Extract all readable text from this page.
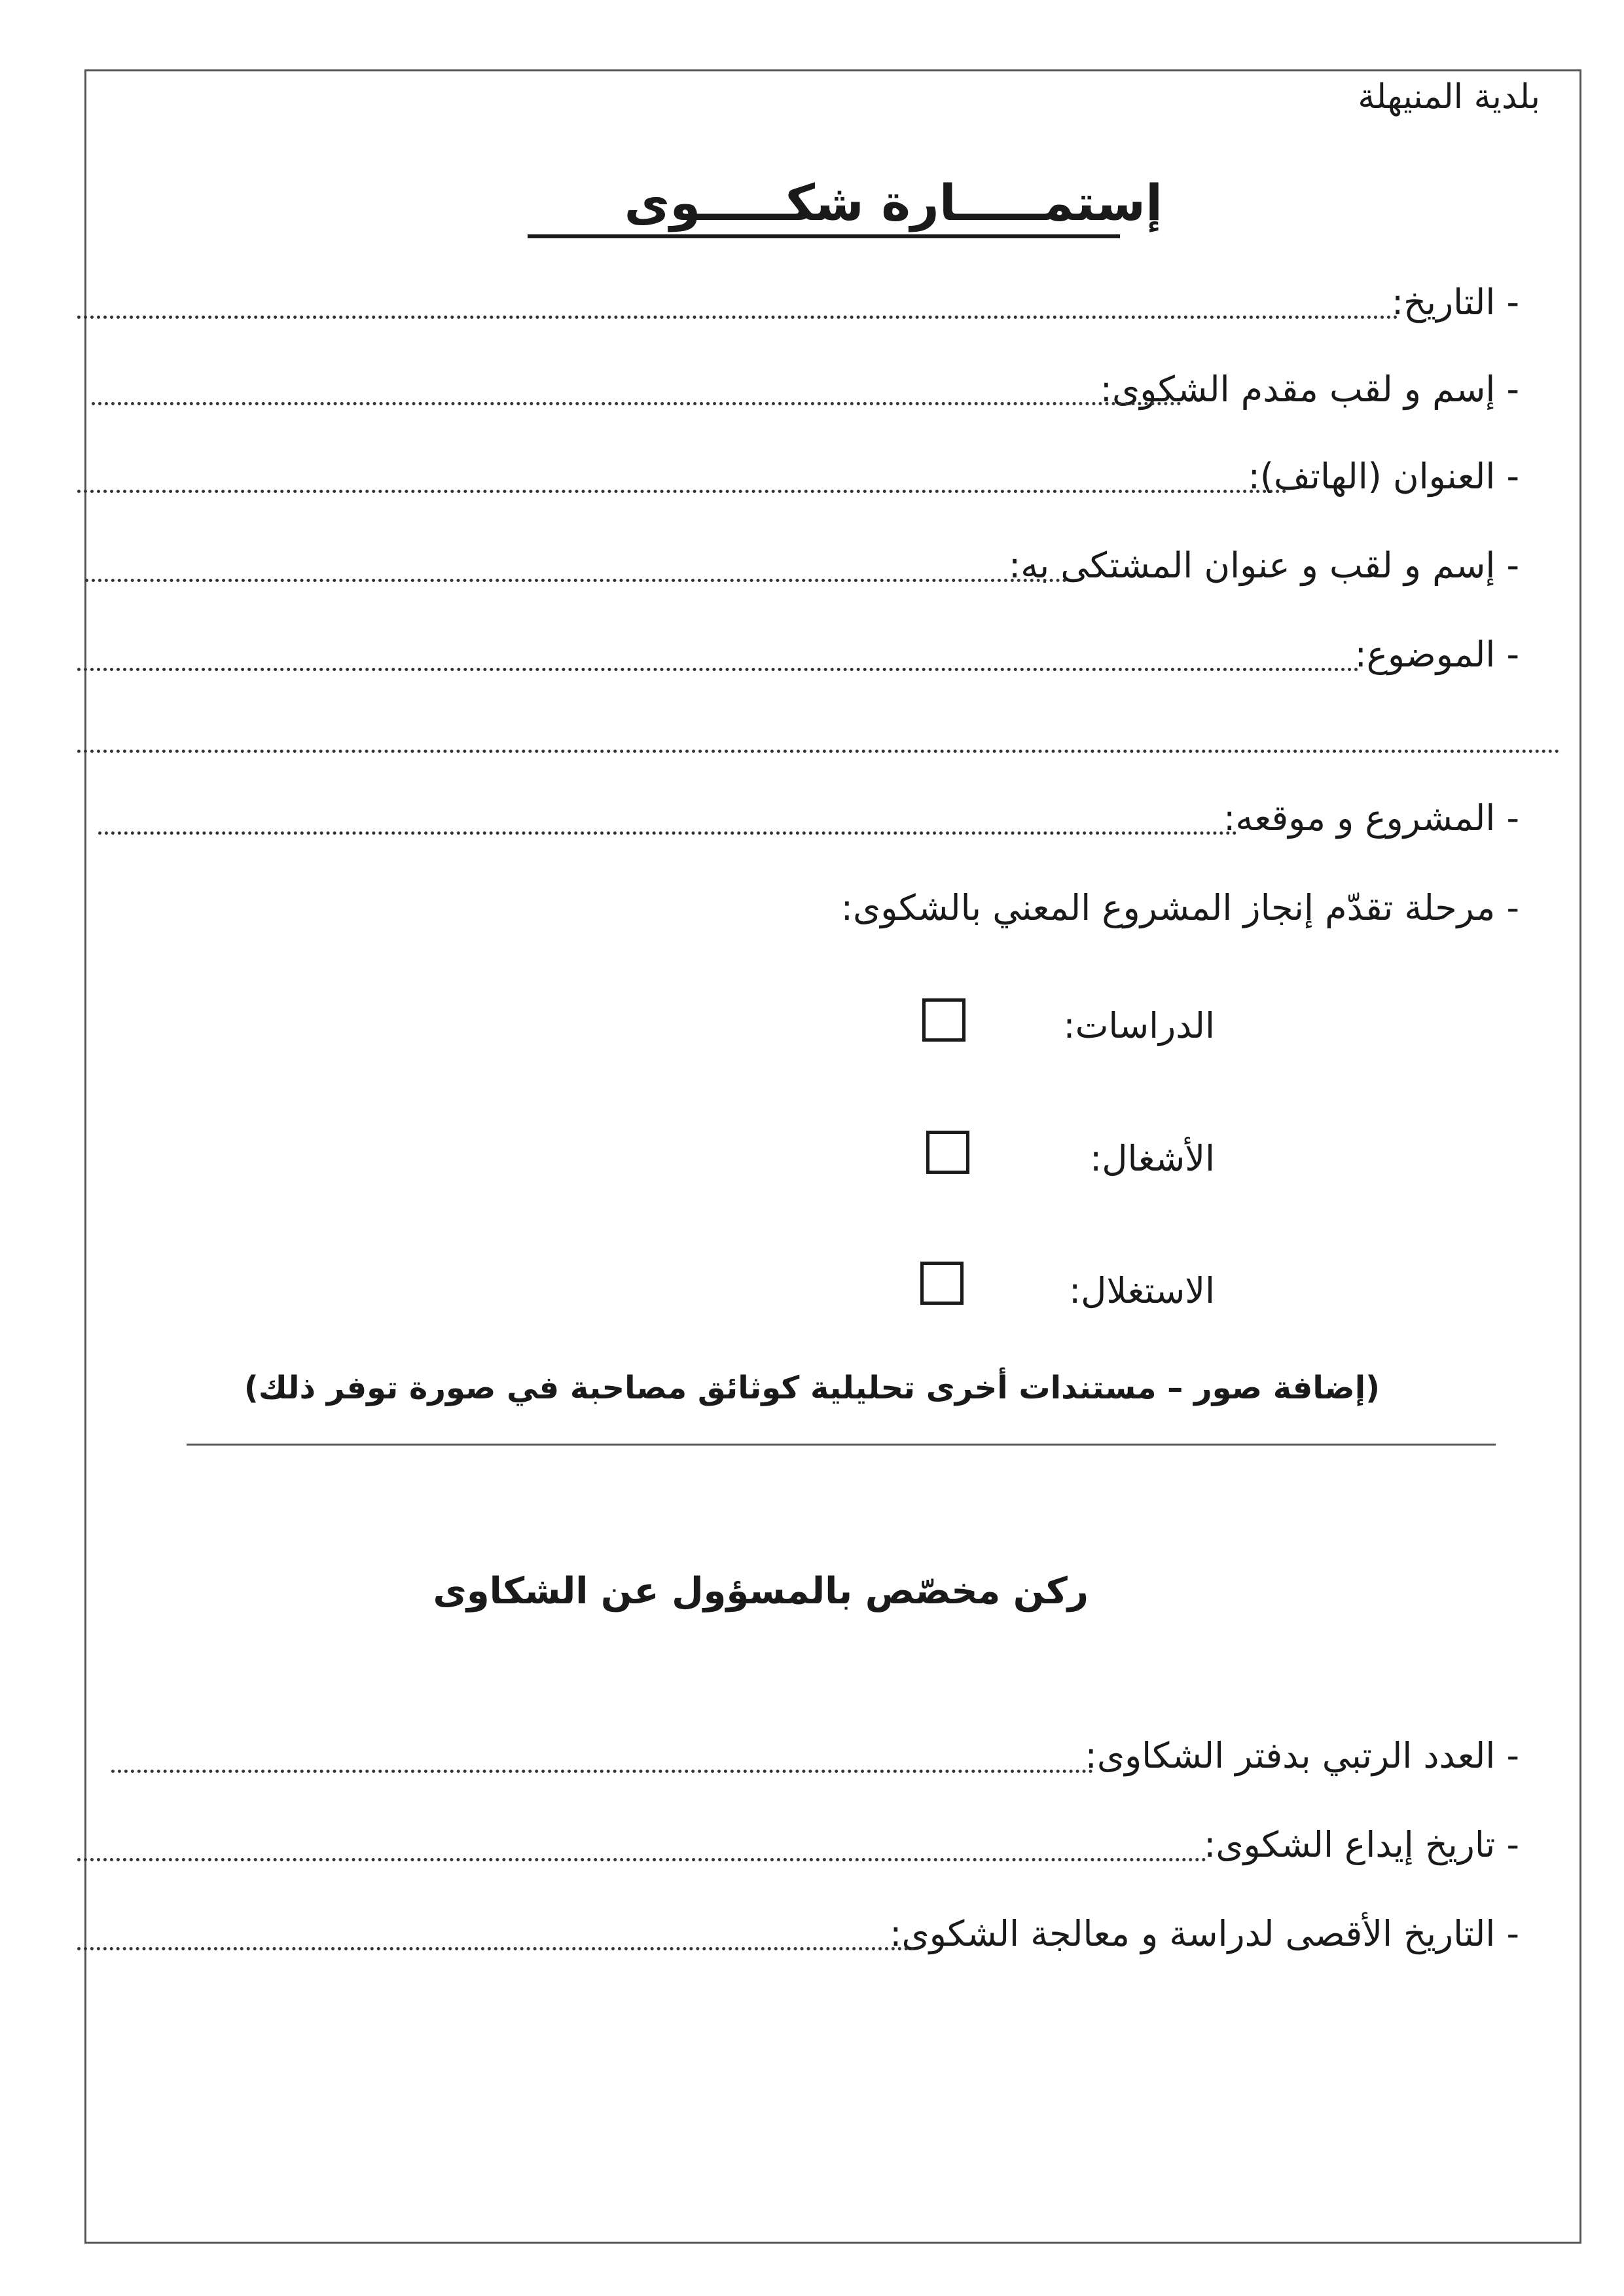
بلدية المنيهلة
إستمـــــارة شكـــــوى
- التاريخ:
- إسم و لقب مقدم الشكوى:
- العنوان (الهاتف):
- إسم و لقب و عنوان المشتكى به:
- الموضوع:
- المشروع و موقعه:
- مرحلة تقدّم إنجاز المشروع المعني بالشكوى:
الدراسات:
الأشغال:
الاستغلال:
(إضافة صور – مستندات أخرى تحليلية كوثائق مصاحبة في صورة توفر ذلك)
ركن مخصّص بالمسؤول عن الشكاوى
- العدد الرتبي بدفتر الشكاوى:
- تاريخ إيداع الشكوى:
- التاريخ الأقصى لدراسة و معالجة الشكوى:
